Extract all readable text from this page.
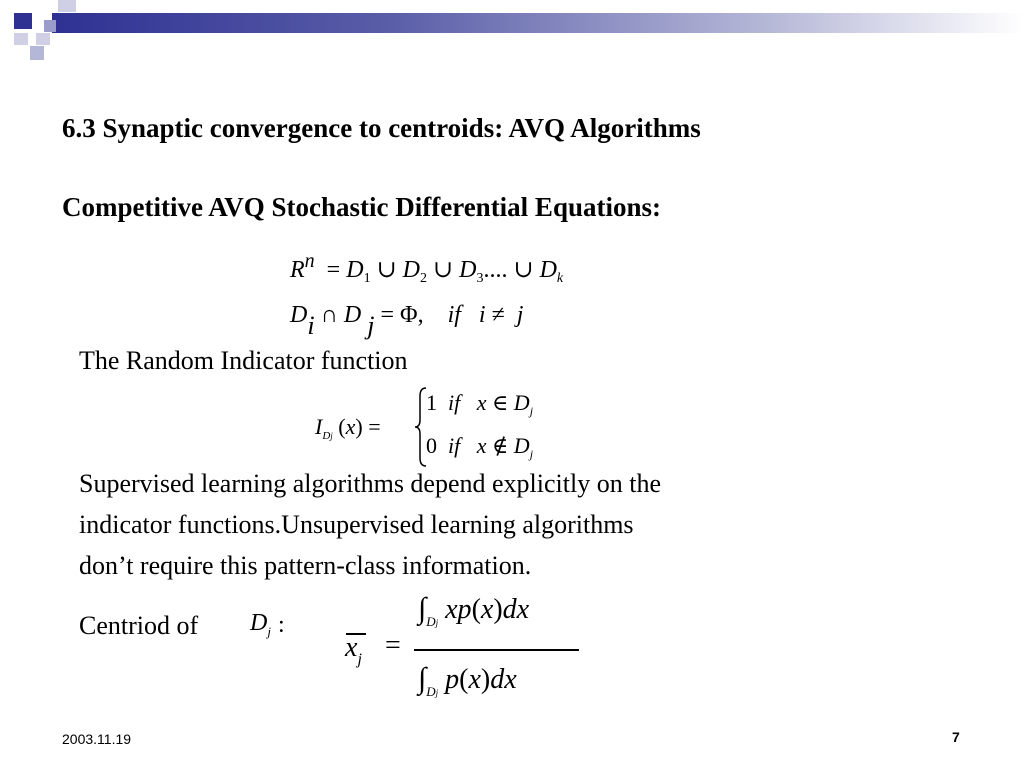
6.3 Synaptic convergence to centroids: AVQ Algorithms
Competitive AVQ Stochastic Differential Equations:
$R^n = D_1$ ∪ $D_2$ ∪ $D_3$.... ∪ $D_k$
Di ∩ D j = Φ,    if i ≠  j
The Random Indicator function
$I_{Dj}$ (x) =
1  if x ∈ $D_j$
0  if x ∉ $D_j$
Supervised learning algorithms depend explicitly on the
indicator functions.Unsupervised learning algorithms
don’t require this pattern-class information.
Centriod of $D_j$ :
$x_j$ =
$\int_{Dj}$ xp(x)dx
$\int_{Dj}$ p(x)dx
2003.11.19	7
